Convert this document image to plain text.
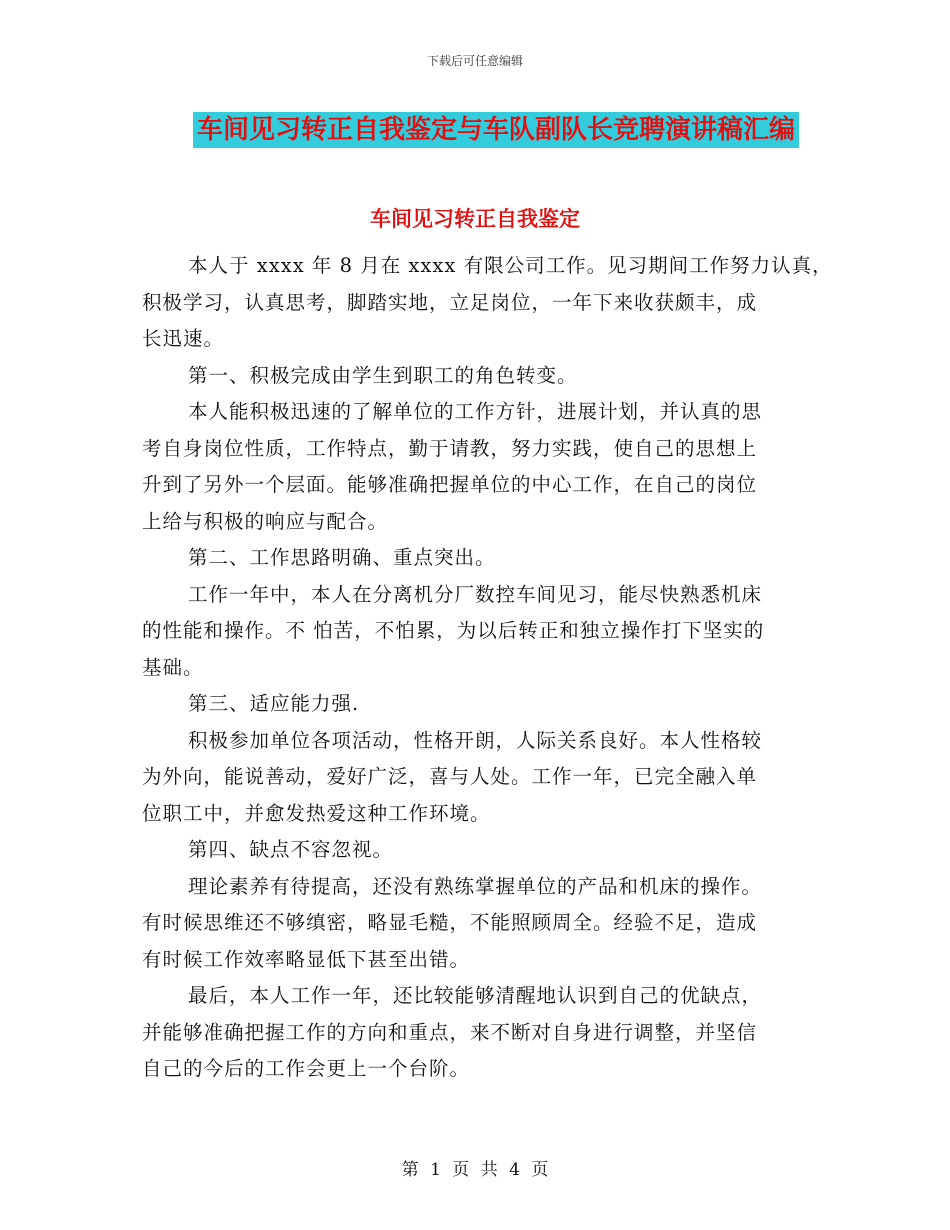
下载后可任意编辑
车间见习转正自我鉴定与车队副队长竞聘演讲稿汇编
车间见习转正自我鉴定

本人于 xxxx 年 8 月在 xxxx 有限公司工作。见习期间工作努力认真，
积极学习，认真思考，脚踏实地，立足岗位，一年下来收获颇丰，成
长迅速。

第一、积极完成由学生到职工的角色转变。

本人能积极迅速的了解单位的工作方针，进展计划，并认真的思
考自身岗位性质，工作特点，勤于请教，努力实践，使自己的思想上
升到了另外一个层面。能够准确把握单位的中心工作，在自己的岗位
上给与积极的响应与配合。

第二、工作思路明确、重点突出。

工作一年中，本人在分离机分厂数控车间见习，能尽快熟悉机床
的性能和操作。不 怕苦，不怕累，为以后转正和独立操作打下坚实的
基础。

第三、适应能力强.

积极参加单位各项活动，性格开朗，人际关系良好。本人性格较
为外向，能说善动，爱好广泛，喜与人处。工作一年，已完全融入单
位职工中，并愈发热爱这种工作环境。

第四、缺点不容忽视。

理论素养有待提高，还没有熟练掌握单位的产品和机床的操作。
有时候思维还不够缜密，略显毛糙，不能照顾周全。经验不足，造成
有时候工作效率略显低下甚至出错。

最后，本人工作一年，还比较能够清醒地认识到自己的优缺点，
并能够准确把握工作的方向和重点，来不断对自身进行调整，并坚信
自己的今后的工作会更上一个台阶。

第 1 页 共 4 页
